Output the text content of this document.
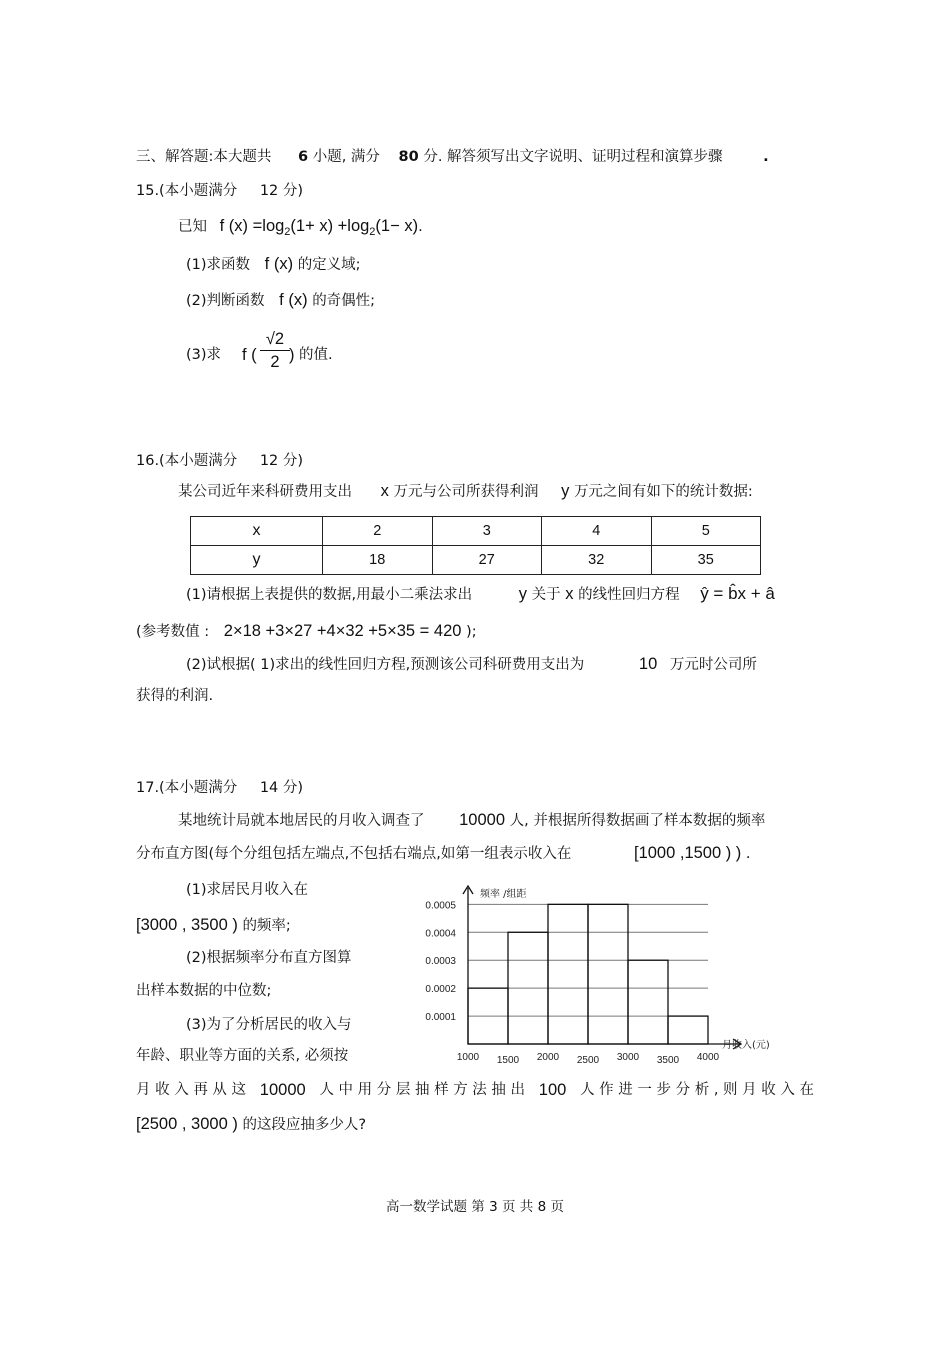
三、解答题:本大题共 6 小题, 满分 80 分. 解答须写出文字说明、证明过程和演算步骤	.
15.(本小题满分 12 分)
已知 f $(x) =\log_2(1+ x) +\log_2(1- x)$.
(1)求函数 f (x) 的定义域;
(2)判断函数 f (x) 的奇偶性;
(3)求 f ( $\frac{√2}{2}$ ) 的值.
16.(本小题满分 12 分)
某公司近年来科研费用支出 x 万元与公司所获得利润 y 万元之间有如下的统计数据:
x	2	3	4	5
y	18	27	32	35
(1)请根据上表提供的数据,用最小二乘法求出	y 关于 x 的线性回归方程 ŷ = b̂x + â
(参考数值 : 2×18 +3×27 +4×32 +5×35 = 420 );
(2)试根据( 1)求出的线性回归方程,预测该公司科研费用支出为	10 万元时公司所
获得的利润.
17.(本小题满分 14 分)
某地统计局就本地居民的月收入调查了 10000 人, 并根据所得数据画了样本数据的频率
分布直方图(每个分组包括左端点,不包括右端点,如第一组表示收入在	[1000 ,1500 ) ) .
(1)求居民月收入在
[3000 , 3500 ) 的频率;
(2)根据频率分布直方图算
出样本数据的中位数;
(3)为了分析居民的收入与
年龄、职业等方面的关系, 必须按
月 收 入 再 从 这 10000 人 中 用 分 层 抽 样 方 法 抽 出 100 人 作 进 一 步 分 析 , 则 月 收 入 在
[2500 , 3000 ) 的这段应抽多少人?
0.0001
0.0002
0.0003
0.0004
0.0005
1000 1500 2000 2500 3000 3500 4000
频率 /组距
月收入(元)
高一数学试题 第 3 页 共 8 页
